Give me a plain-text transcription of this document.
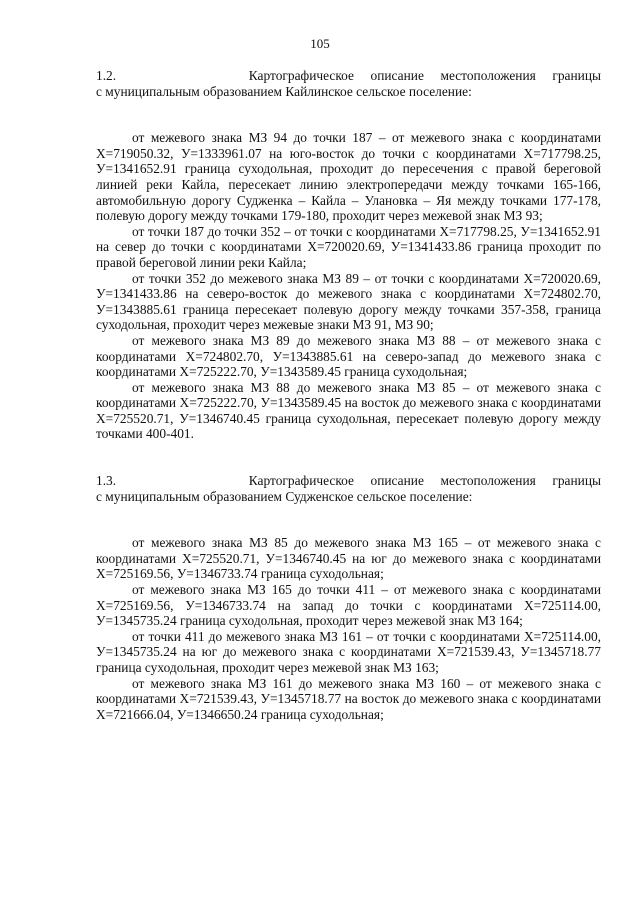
105

1.2.        Картографическое описание местоположения границы

с муниципальным образованием Кайлинское сельское поселение:

от межевого знака МЗ 94 до точки 187 – от межевого знака с координатами Х=719050.32, У=1333961.07 на юго-восток до точки с координатами Х=717798.25, У=1341652.91 граница суходольная, проходит до пересечения с правой береговой линией реки Кайла, пересекает линию электропередачи между точками 165-166, автомобильную дорогу Судженка – Кайла – Улановка – Яя между точками 177-178, полевую дорогу между точками 179-180, проходит через межевой знак МЗ 93;

от точки 187 до точки 352 – от точки с координатами Х=717798.25, У=1341652.91 на север до точки с координатами Х=720020.69, У=1341433.86 граница проходит по правой береговой линии реки Кайла;

от точки 352 до межевого знака МЗ 89 – от точки с координатами Х=720020.69, У=1341433.86 на северо-восток до межевого знака с координатами Х=724802.70, У=1343885.61 граница пересекает полевую дорогу между точками 357-358, граница суходольная, проходит через межевые знаки МЗ 91, МЗ 90;

от межевого знака МЗ 89 до межевого знака МЗ 88 – от межевого знака с координатами Х=724802.70, У=1343885.61 на северо-запад до межевого знака с координатами Х=725222.70, У=1343589.45 граница суходольная;

от межевого знака МЗ 88 до межевого знака МЗ 85 – от межевого знака с координатами Х=725222.70, У=1343589.45 на восток до межевого знака с координатами Х=725520.71, У=1346740.45 граница суходольная, пересекает полевую дорогу между точками 400-401.

1.3.        Картографическое описание местоположения границы

с муниципальным образованием Судженское сельское поселение:

от межевого знака МЗ 85 до межевого знака МЗ 165 – от межевого знака с координатами Х=725520.71, У=1346740.45 на юг до межевого знака с координатами Х=725169.56, У=1346733.74 граница суходольная;

от межевого знака МЗ 165 до точки 411 – от межевого знака с координатами Х=725169.56, У=1346733.74 на запад до точки с координатами Х=725114.00, У=1345735.24 граница суходольная, проходит через межевой знак МЗ 164;

от точки 411 до межевого знака МЗ 161 – от точки с координатами Х=725114.00, У=1345735.24 на юг до межевого знака с координатами Х=721539.43, У=1345718.77 граница суходольная, проходит через межевой знак МЗ 163;

от межевого знака МЗ 161 до межевого знака МЗ 160 – от межевого знака с координатами Х=721539.43, У=1345718.77 на восток до межевого знака с координатами Х=721666.04, У=1346650.24 граница суходольная;
